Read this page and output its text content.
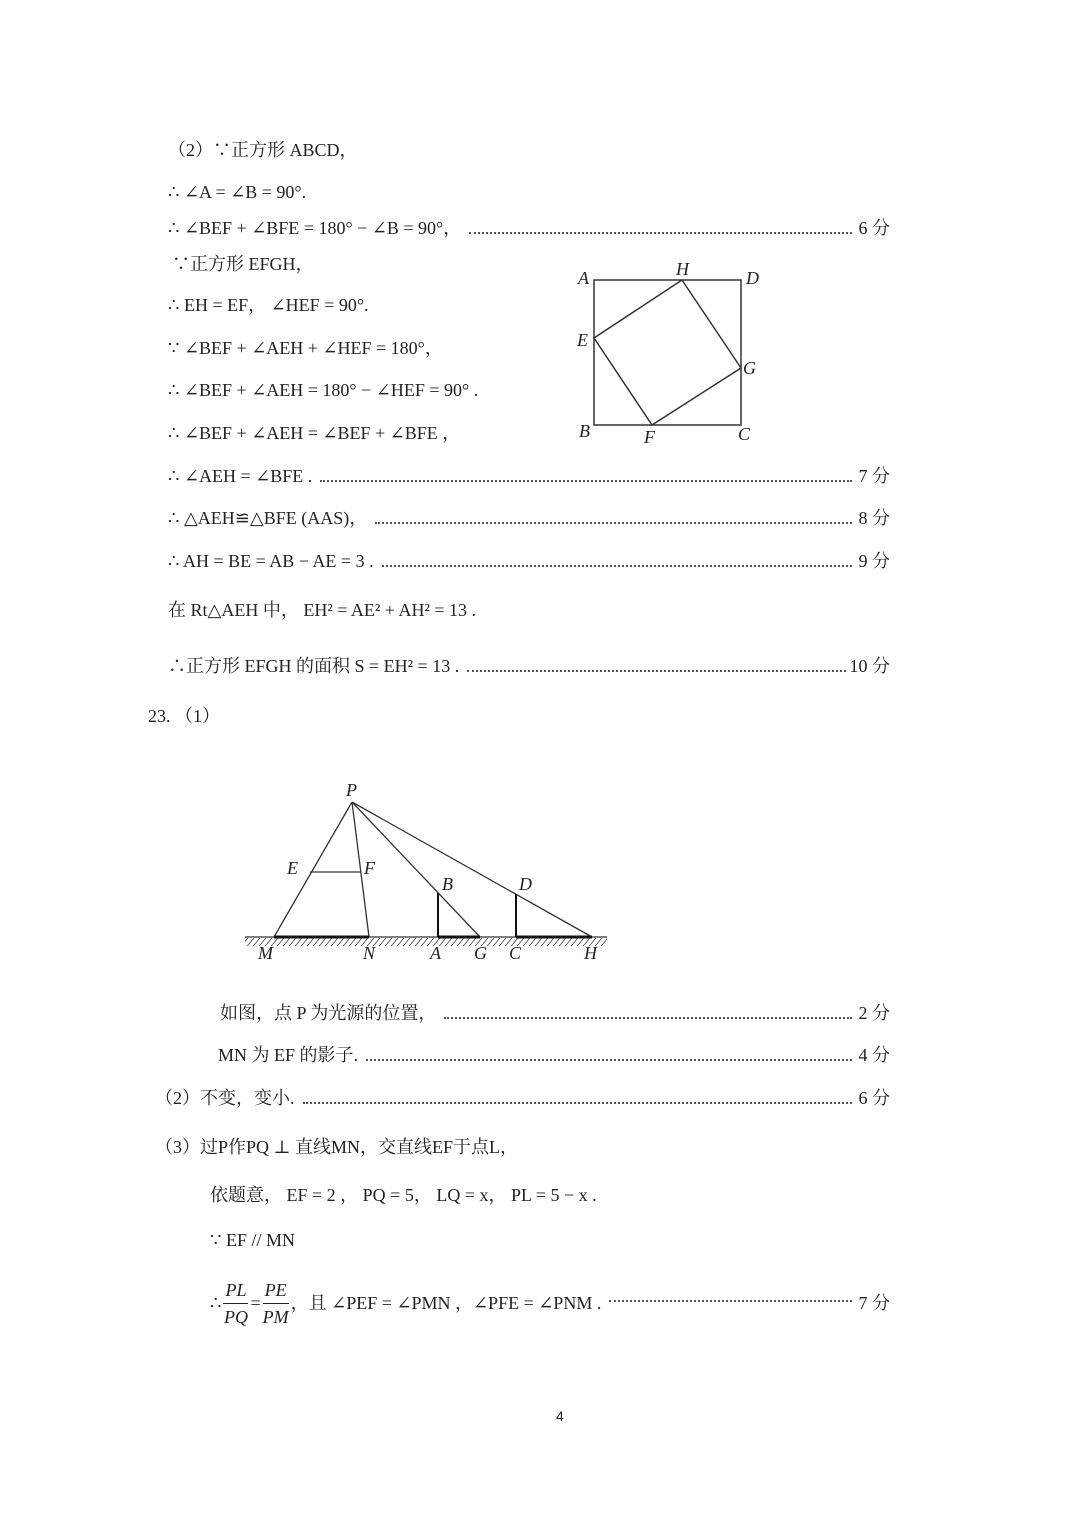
（2）∵正方形 ABCD，
∴ ∠A = ∠B = 90°.
∴ ∠BEF + ∠BFE = 180° − ∠B = 90°，	6 分
∵正方形 EFGH，
∴ EH = EF， ∠HEF = 90°.
∵ ∠BEF + ∠AEH + ∠HEF = 180°，
∴ ∠BEF + ∠AEH = 180° − ∠HEF = 90° .
∴ ∠BEF + ∠AEH = ∠BEF + ∠BFE ，
∴ ∠AEH = ∠BFE .	7 分
∴ △AEH≌△BFE (AAS)，	8 分
∴ AH = BE = AB − AE = 3 .	9 分
在 Rt△AEH 中， EH² = AE² + AH² = 13 .
∴正方形 EFGH 的面积 S = EH² = 13 .	10 分
23. （1）
A	H	D
E
G
B	F	C
P
E	F
B	D
M	N	A G C	H
如图，点 P 为光源的位置，	2 分
MN 为 EF 的影子.	4 分
（2）不变，变小.	6 分
（3）过P作PQ ⊥ 直线MN，交直线EF于点L，
依题意， EF = 2 ， PQ = 5， LQ = x， PL = 5 − x .
∵ EF // MN
∴ $\frac{PL}{PQ} = \frac{PE}{PM}$ ，且 ∠PEF = ∠PMN ，∠PFE = ∠PNM .	7 分
4
